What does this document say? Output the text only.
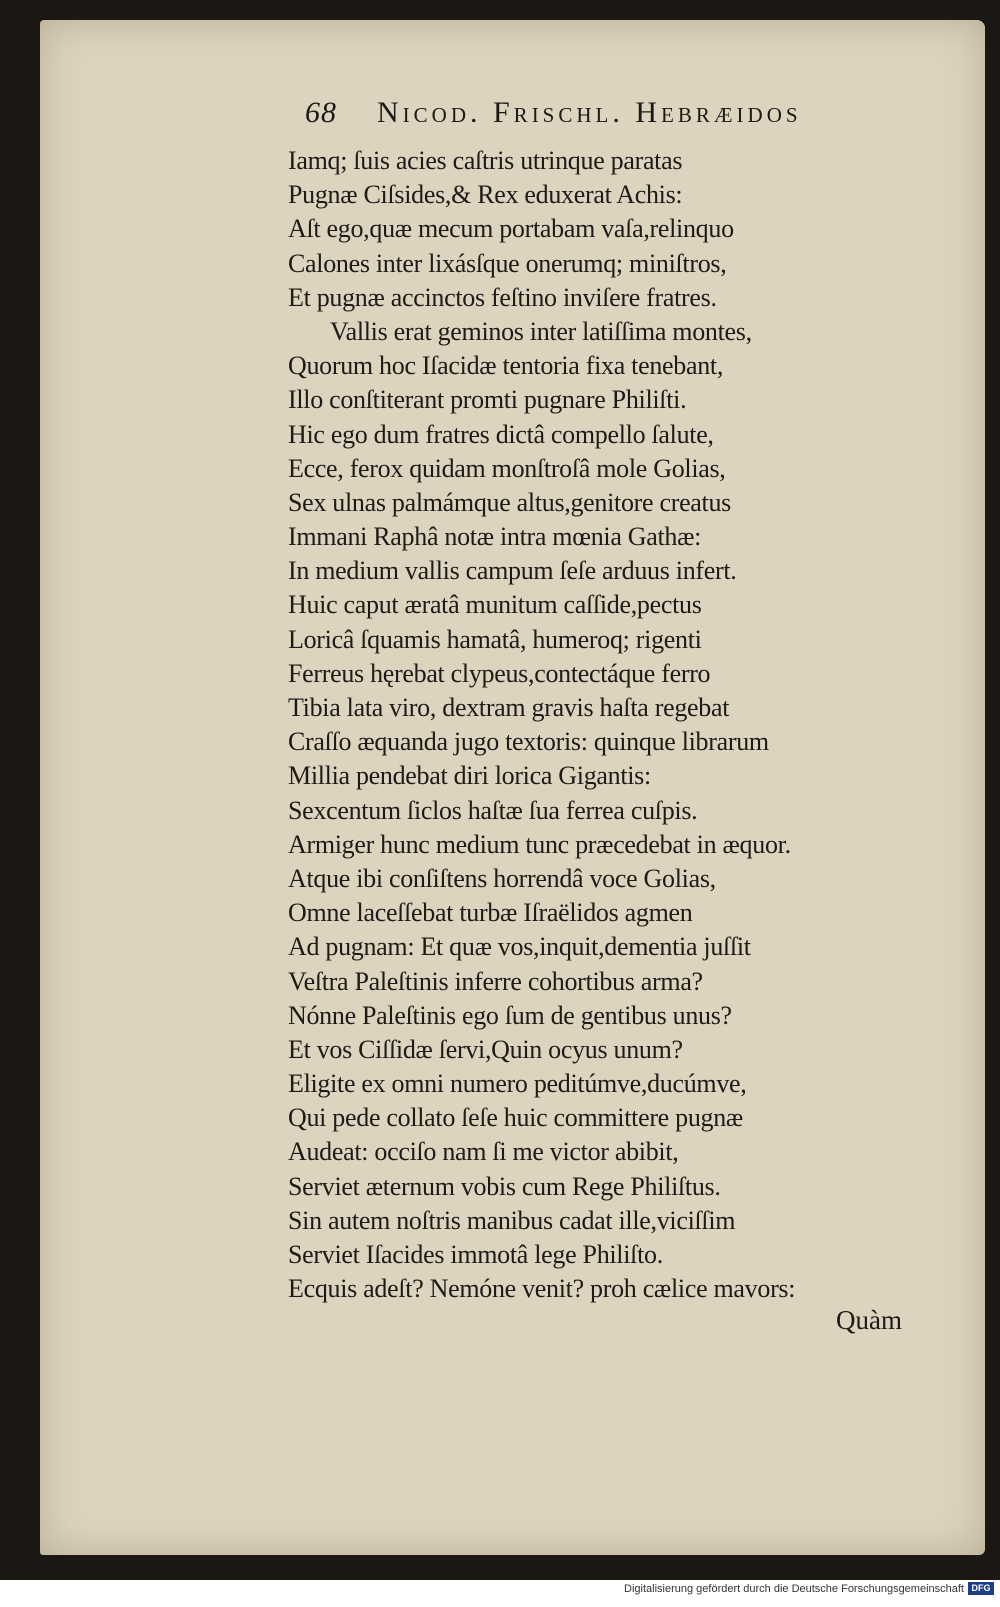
68 Nicod. Frischl. Hebræidos
Iamq; ſuis acies caſtris utrinque paratas
Pugnæ Ciſsides,& Rex eduxerat Achis:
Aſt ego,quæ mecum portabam vaſa,relinquo
Calones inter lixásſque onerumq; miniſtros,
Et pugnæ accinctos feſtino inviſere fratres.
Vallis erat geminos inter latiſſima montes,
Quorum hoc Iſacidæ tentoria fixa tenebant,
Illo conſtiterant promti pugnare Philiſti.
Hic ego dum fratres dictâ compello ſalute,
Ecce, ferox quidam monſtroſâ mole Golias,
Sex ulnas palmámque altus,genitore creatus
Immani Raphâ notæ intra mœnia Gathæ:
In medium vallis campum ſeſe arduus infert.
Huic caput æratâ munitum caſſide,pectus
Loricâ ſquamis hamatâ, humeroq; rigenti
Ferreus hęrebat clypeus,contectáque ferro
Tibia lata viro, dextram gravis haſta regebat
Craſſo æquanda jugo textoris: quinque librarum
Millia pendebat diri lorica Gigantis:
Sexcentum ſiclos haſtæ ſua ferrea cuſpis.
Armiger hunc medium tunc præcedebat in æquor.
Atque ibi conſiſtens horrendâ voce Golias,
Omne laceſſebat turbæ Iſraëlidos agmen
Ad pugnam: Et quæ vos,inquit,dementia juſſit
Veſtra Paleſtinis inferre cohortibus arma?
Nónne Paleſtinis ego ſum de gentibus unus?
Et vos Ciſſidæ ſervi,Quin ocyus unum?
Eligite ex omni numero peditúmve,ducúmve,
Qui pede collato ſeſe huic committere pugnæ
Audeat: occiſo nam ſi me victor abibit,
Serviet æternum vobis cum Rege Philiſtus.
Sin autem noſtris manibus cadat ille,viciſſim
Serviet Iſacides immotâ lege Philiſto.
Ecquis adeſt? Nemóne venit? proh cælice mavors:
Quàm
Digitalisierung gefördert durch die Deutsche Forschungsgemeinschaft DFG
